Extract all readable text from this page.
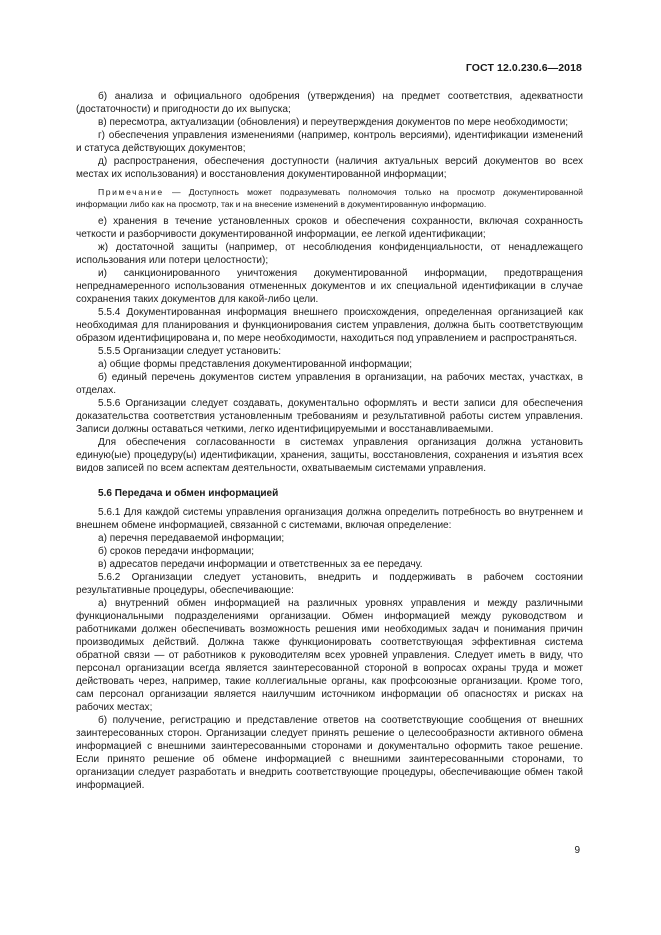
ГОСТ 12.0.230.6—2018

б) анализа и официального одобрения (утверждения) на предмет соответствия, адекватности (достаточности) и пригодности до их выпуска;

в) пересмотра, актуализации (обновления) и переутверждения документов по мере необходимости;

г) обеспечения управления изменениями (например, контроль версиями), идентификации изменений и статуса действующих документов;

д) распространения, обеспечения доступности (наличия актуальных версий документов во всех местах их использования) и восстановления документированной информации;

Примечание — Доступность может подразумевать полномочия только на просмотр документированной информации либо как на просмотр, так и на внесение изменений в документированную информацию.

е) хранения в течение установленных сроков и обеспечения сохранности, включая сохранность четкости и разборчивости документированной информации, ее легкой идентификации;

ж) достаточной защиты (например, от несоблюдения конфиденциальности, от ненадлежащего использования или потери целостности);

и) санкционированного уничтожения документированной информации, предотвращения непреднамеренного использования отмененных документов и их специальной идентификации в случае сохранения таких документов для какой-либо цели.

5.5.4 Документированная информация внешнего происхождения, определенная организацией как необходимая для планирования и функционирования систем управления, должна быть соответствующим образом идентифицирована и, по мере необходимости, находиться под управлением и распространяться.

5.5.5 Организации следует установить:

а) общие формы представления документированной информации;

б) единый перечень документов систем управления в организации, на рабочих местах, участках, в отделах.

5.5.6 Организации следует создавать, документально оформлять и вести записи для обеспечения доказательства соответствия установленным требованиям и результативной работы систем управления. Записи должны оставаться четкими, легко идентифицируемыми и восстанавливаемыми.

Для обеспечения согласованности в системах управления организация должна установить единую(ые) процедуру(ы) идентификации, хранения, защиты, восстановления, сохранения и изъятия всех видов записей по всем аспектам деятельности, охватываемым системами управления.

5.6 Передача и обмен информацией

5.6.1 Для каждой системы управления организация должна определить потребность во внутреннем и внешнем обмене информацией, связанной с системами, включая определение:

а) перечня передаваемой информации;

б) сроков передачи информации;

в) адресатов передачи информации и ответственных за ее передачу.

5.6.2 Организации следует установить, внедрить и поддерживать в рабочем состоянии результативные процедуры, обеспечивающие:

а) внутренний обмен информацией на различных уровнях управления и между различными функциональными подразделениями организации. Обмен информацией между руководством и работниками должен обеспечивать возможность решения ими необходимых задач и понимания причин производимых действий. Должна также функционировать соответствующая эффективная система обратной связи — от работников к руководителям всех уровней управления. Следует иметь в виду, что персонал организации всегда является заинтересованной стороной в вопросах охраны труда и может действовать через, например, такие коллегиальные органы, как профсоюзные организации. Кроме того, сам персонал организации является наилучшим источником информации об опасностях и рисках на рабочих местах;

б) получение, регистрацию и представление ответов на соответствующие сообщения от внешних заинтересованных сторон. Организации следует принять решение о целесообразности активного обмена информацией с внешними заинтересованными сторонами и документально оформить такое решение. Если принято решение об обмене информацией с внешними заинтересованными сторонами, то организации следует разработать и внедрить соответствующие процедуры, обеспечивающие обмен такой информацией.

9
